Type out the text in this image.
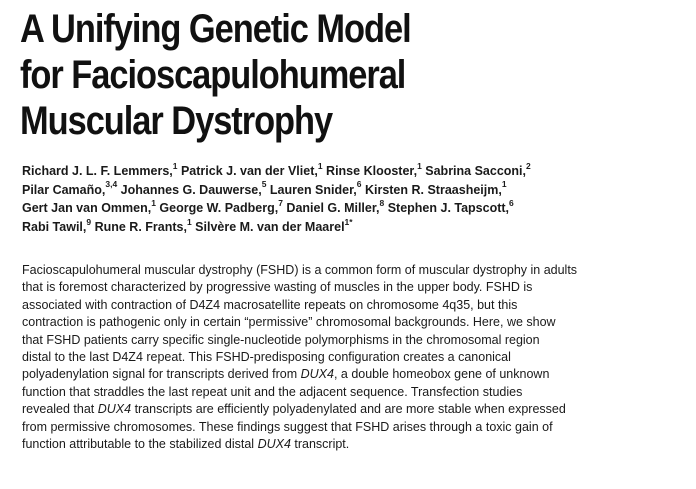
A Unifying Genetic Model
for Facioscapulohumeral
Muscular Dystrophy
Richard J. L. F. Lemmers,$^1$ Patrick J. van der Vliet,$^1$ Rinse Klooster,$^1$ Sabrina Sacconi,$^2$
Pilar Camaño,$^{3,4}$ Johannes G. Dauwerse,$^5$ Lauren Snider,$^6$ Kirsten R. Straasheijm,$^1$
Gert Jan van Ommen,$^1$ George W. Padberg,$^7$ Daniel G. Miller,$^8$ Stephen J. Tapscott,$^6$
Rabi Tawil,$^9$ Rune R. Frants,$^1$ Silvère M. van der Maarel$^{1*}$
Facioscapulohumeral muscular dystrophy (FSHD) is a common form of muscular dystrophy in adults
that is foremost characterized by progressive wasting of muscles in the upper body. FSHD is
associated with contraction of D4Z4 macrosatellite repeats on chromosome 4q35, but this
contraction is pathogenic only in certain “permissive” chromosomal backgrounds. Here, we show
that FSHD patients carry specific single-nucleotide polymorphisms in the chromosomal region
distal to the last D4Z4 repeat. This FSHD-predisposing configuration creates a canonical
polyadenylation signal for transcripts derived from DUX4, a double homeobox gene of unknown
function that straddles the last repeat unit and the adjacent sequence. Transfection studies
revealed that DUX4 transcripts are efficiently polyadenylated and are more stable when expressed
from permissive chromosomes. These findings suggest that FSHD arises through a toxic gain of
function attributable to the stabilized distal DUX4 transcript.
